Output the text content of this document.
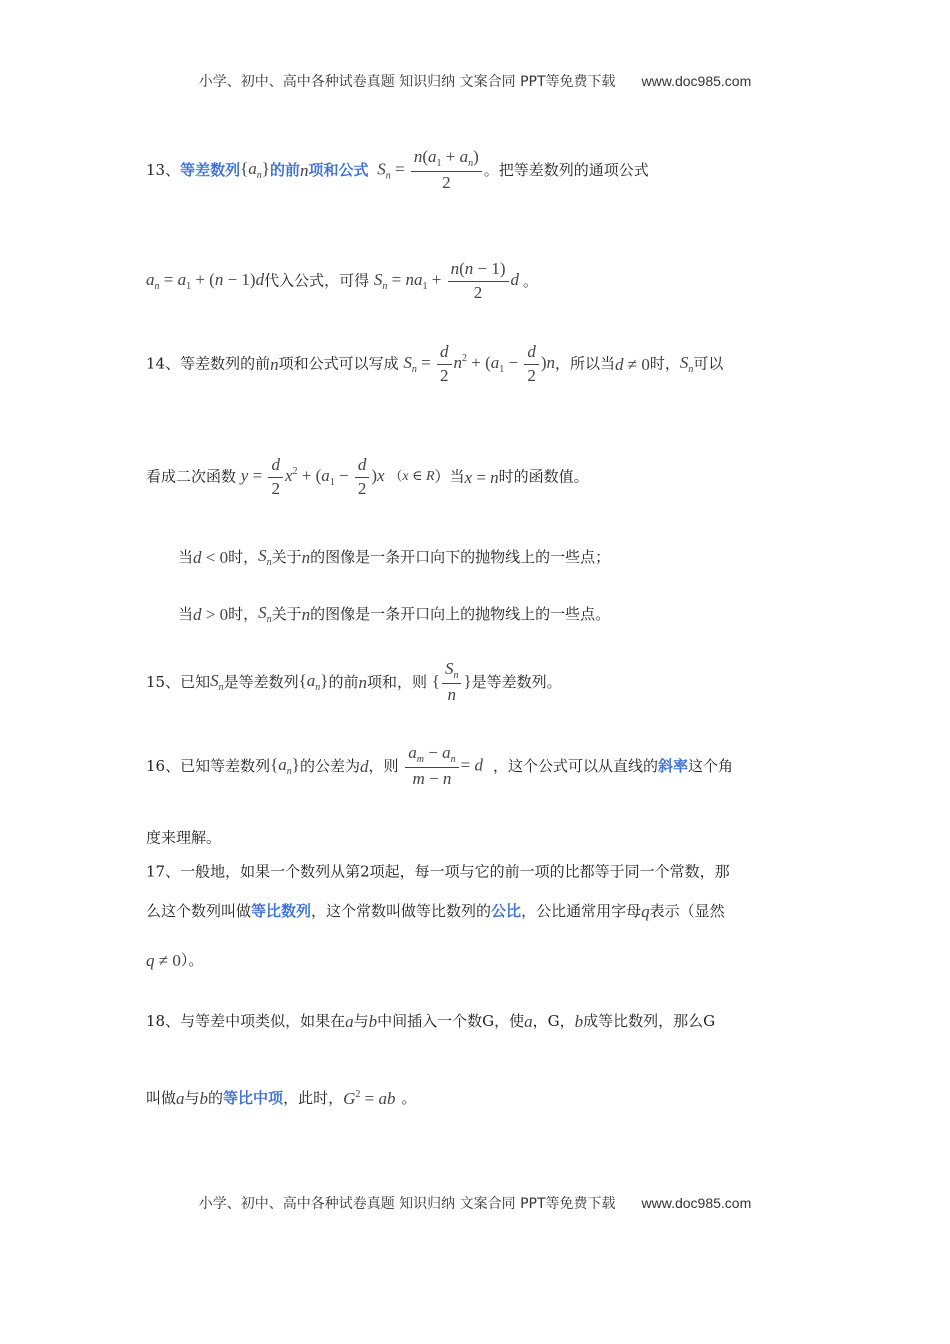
小学、初中、高中各种试卷真题 知识归纳 文案合同 PPT等免费下载 www.doc985.com
13、等差数列$\{a_n\}$的前n项和公式 $S_n = \frac{n(a_1 + a_n)}{2}$ 。把等差数列的通项公式
$a_n = a_1 + (n - 1)d$代入公式，可得 $S_n = na_1 + \frac{n(n - 1)}{2}$ d 。
14、等差数列的前n项和公式可以写成 $S_n = \frac{d}{2} n^2 + (a_1 - \frac{d}{2} )n$，所以当d ≠ 0时，$S_n$可以
看成二次函数 $y = \frac{d}{2} x^2 + (a_1 - \frac{d}{2} )x$ （x ∈ R）当x = n时的函数值。
当d < 0时，$S_n$关于n的图像是一条开口向下的抛物线上的一些点；
当d > 0时，$S_n$关于n的图像是一条开口向上的抛物线上的一些点。
15、已知$S_n$是等差数列$\{a_n\}$的前n项和，则 { $\frac{S_n}{n}$ }是等差数列。
16、已知等差数列$\{a_n\}$的公差为d，则 $\frac{a_m - a_n}{m - n} = d$ ，这个公式可以从直线的斜率这个角
度来理解。
17、一般地，如果一个数列从第2项起，每一项与它的前一项的比都等于同一个常数，那
么这个数列叫做等比数列，这个常数叫做等比数列的公比，公比通常用字母q表示（显然
q ≠ 0）。
18、与等差中项类似，如果在a与b中间插入一个数G，使a，G，b成等比数列，那么G
叫做a与b的等比中项，此时，$G^2$ = ab 。
小学、初中、高中各种试卷真题 知识归纳 文案合同 PPT等免费下载 www.doc985.com
